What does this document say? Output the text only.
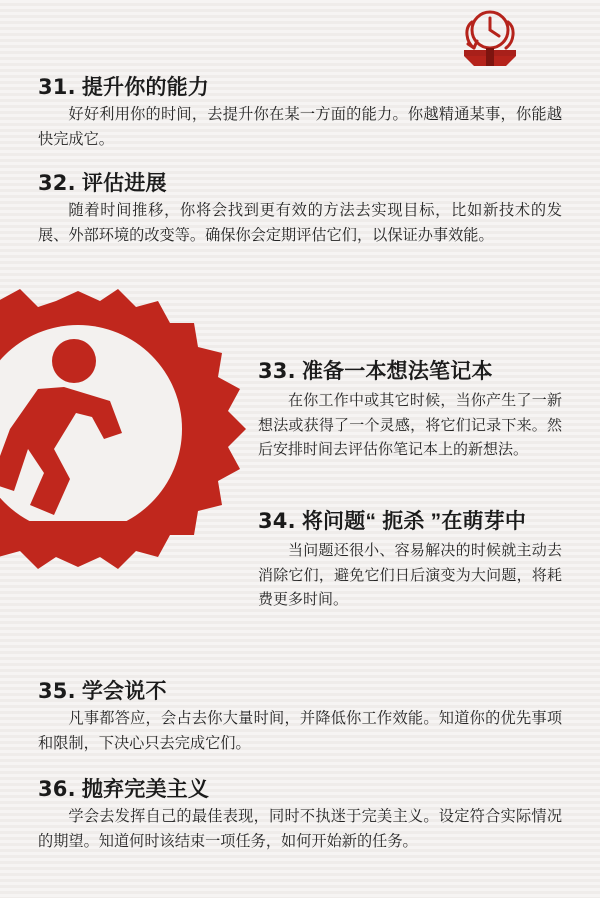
31. 提升你的能力

好好利用你的时间，去提升你在某一方面的能力。你越精通某事，你能越快完成它。

32. 评估进展

随着时间推移，你将会找到更有效的方法去实现目标，比如新技术的发展、外部环境的改变等。确保你会定期评估它们，以保证办事效能。

33. 准备一本想法笔记本

在你工作中或其它时候，当你产生了一新想法或获得了一个灵感，将它们记录下来。然后安排时间去评估你笔记本上的新想法。

34. 将问题“ 扼杀 ”在萌芽中

当问题还很小、容易解决的时候就主动去消除它们，避免它们日后演变为大问题，将耗费更多时间。

35. 学会说不

凡事都答应，会占去你大量时间，并降低你工作效能。知道你的优先事项和限制，下决心只去完成它们。

36. 抛弃完美主义

学会去发挥自己的最佳表现，同时不执迷于完美主义。设定符合实际情况的期望。知道何时该结束一项任务，如何开始新的任务。
